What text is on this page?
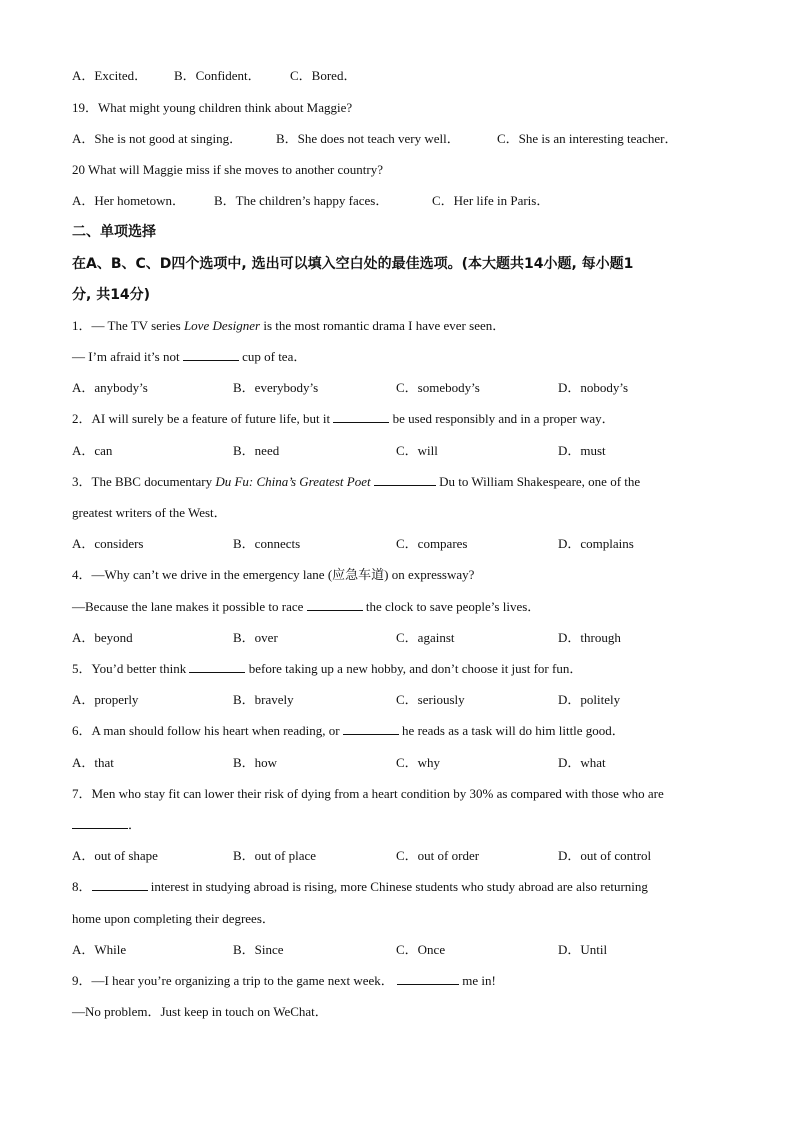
A．Excited． B．Confident． C．Bored．
19．What might young children think about Maggie?
A．She is not good at singing．	B．She does not teach very well．	C．She is an interesting teacher．
20 What will Maggie miss if she moves to another country?
A．Her hometown． B．The children’s happy faces．	C．Her life in Paris．
二、单项选择
在A、B、C、D四个选项中, 选出可以填入空白处的最佳选项。(本大题共14小题, 每小题1
分, 共14分)
1．— The TV series Love Designer is the most romantic drama I have ever seen．
— I’m afraid it’s not	cup of tea．
A．anybody’s	B．everybody’s	C．somebody’s	D．nobody’s
2．AI will surely be a feature of future life, but it	be used responsibly and in a proper way．
A．can	B．need	C．will	D．must
3．The BBC documentary Du Fu: China’s Greatest Poet	Du to William Shakespeare, one of the
greatest writers of the West．
A．considers	B．connects	C．compares	D．complains
4．—Why can’t we drive in the emergency lane (应急车道) on expressway?
—Because the lane makes it possible to race	the clock to save people’s lives．
A．beyond	B．over	C．against	D．through
5．You’d better think	before taking up a new hobby, and don’t choose it just for fun．
A．properly	B．bravely	C．seriously	D．politely
6．A man should follow his heart when reading, or	he reads as a task will do him little good．
A．that	B．how	C．why	D．what
7．Men who stay fit can lower their risk of dying from a heart condition by 30% as compared with those who are
．
A．out of shape	B．out of place	C．out of order	D．out of control
8．	interest in studying abroad is rising, more Chinese students who study abroad are also returning
home upon completing their degrees．
A．While	B．Since	C．Once	D．Until
9．—I hear you’re organizing a trip to the game next week．	me in!
—No problem．Just keep in touch on WeChat．
